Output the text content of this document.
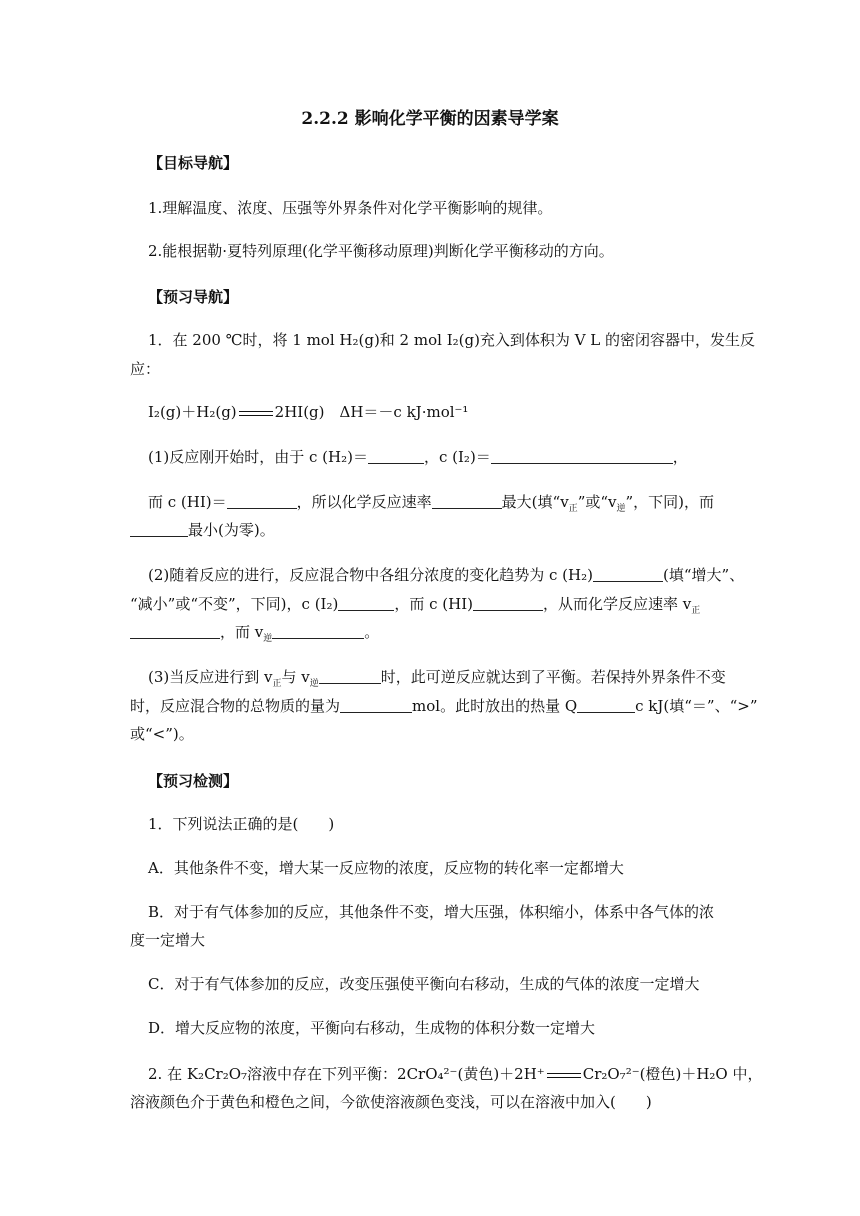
2.2.2 影响化学平衡的因素导学案
【目标导航】
1.理解温度、浓度、压强等外界条件对化学平衡影响的规律。
2.能根据勒·夏特列原理(化学平衡移动原理)判断化学平衡移动的方向。
【预习导航】
1．在 200 ℃时，将 1 mol H₂(g)和 2 mol I₂(g)充入到体积为 V L 的密闭容器中，发生反
应：
I₂(g)＋H₂(g)	2HI(g)　ΔH＝－c kJ·mol⁻¹
(1)反应刚开始时，由于 c (H₂)＝	，c (I₂)＝	，
而 c (HI)＝	，所以化学反应速率	最大(填“$v_正$”或“$v_逆$”，下同)，而
最小(为零)。
(2)随着反应的进行，反应混合物中各组分浓度的变化趋势为 c (H₂)	(填“增大”、
“减小”或“不变”，下同)，c (I₂)	，而 c (HI)	，从而化学反应速率 $v_正$
，而 $v_逆$	。
(3)当反应进行到 $v_正$与 $v_逆$	时，此可逆反应就达到了平衡。若保持外界条件不变
时，反应混合物的总物质的量为	mol。此时放出的热量 Q	c kJ(填“＝”、“>”
或“<”)。
【预习检测】
1．下列说法正确的是(　　)
A．其他条件不变，增大某一反应物的浓度，反应物的转化率一定都增大
B．对于有气体参加的反应，其他条件不变，增大压强，体积缩小，体系中各气体的浓
度一定增大
C．对于有气体参加的反应，改变压强使平衡向右移动，生成的气体的浓度一定增大
D．增大反应物的浓度，平衡向右移动，生成物的体积分数一定增大
2. 在 K₂Cr₂O₇溶液中存在下列平衡：2CrO₄²⁻(黄色)＋2H⁺	Cr₂O₇²⁻(橙色)＋H₂O 中，
溶液颜色介于黄色和橙色之间，今欲使溶液颜色变浅，可以在溶液中加入(　　)
